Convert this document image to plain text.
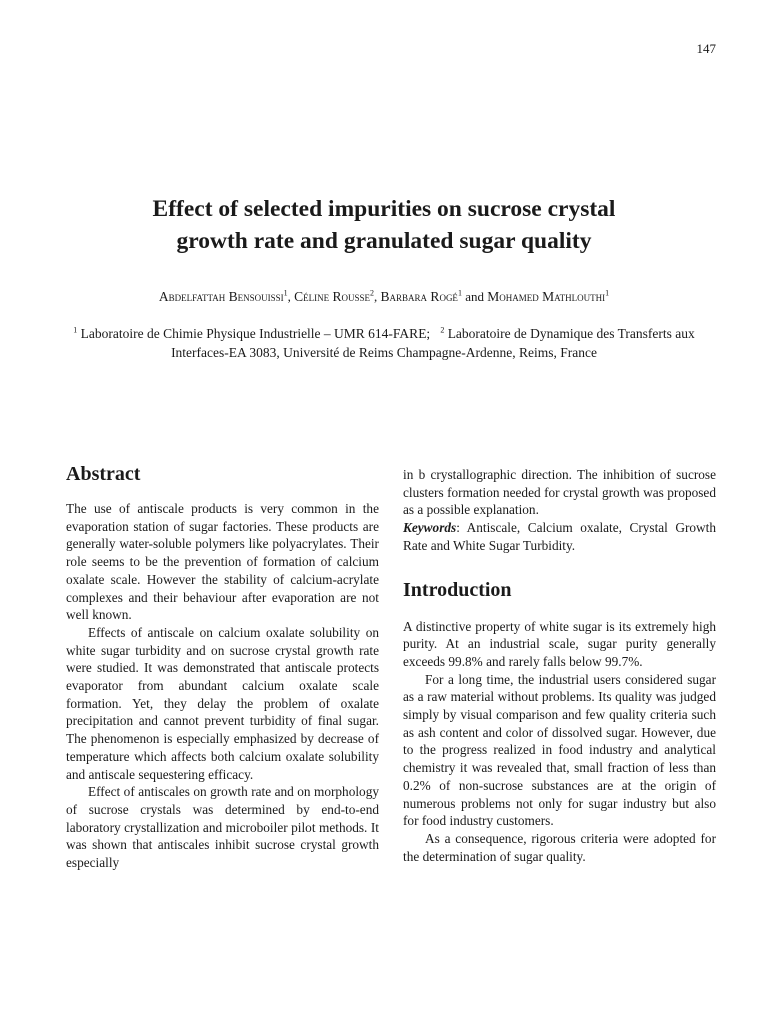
147
Effect of selected impurities on sucrose crystal
growth rate and granulated sugar quality
Abdelfattah Bensouissi$^1$, Céline Rousse$^2$, Barbara Rogé$^1$ and Mohamed Mathlouthi$^1$
$^1$ Laboratoire de Chimie Physique Industrielle – UMR 614-FARE; $^2$ Laboratoire de Dynamique des Transferts aux Interfaces-EA 3083, Université de Reims Champagne-Ardenne, Reims, France
Abstract

The use of antiscale products is very common in the evaporation station of sugar factories. These products are generally water-soluble polymers like polyacrylates. Their role seems to be the prevention of formation of calcium oxalate scale. However the stability of calcium-acrylate complexes and their behaviour after evaporation are not well known.

Effects of antiscale on calcium oxalate solubility on white sugar turbidity and on sucrose crystal growth rate were studied. It was demonstrated that antiscale protects evaporator from abundant calcium oxalate scale formation. Yet, they delay the problem of oxalate precipitation and cannot prevent turbidity of final sugar. The phenomenon is especially emphasized by decrease of temperature which affects both calcium oxalate solubility and antiscale sequestering efficacy.

Effect of antiscales on growth rate and on morphology of sucrose crystals was determined by end-to-end laboratory crystallization and microboiler pilot methods. It was shown that antiscales inhibit sucrose crystal growth especially

in b crystallographic direction. The inhibition of sucrose clusters formation needed for crystal growth was proposed as a possible explanation.

Keywords: Antiscale, Calcium oxalate, Crystal Growth Rate and White Sugar Turbidity.

Introduction

A distinctive property of white sugar is its extremely high purity. At an industrial scale, sugar purity generally exceeds 99.8% and rarely falls below 99.7%.

For a long time, the industrial users considered sugar as a raw material without problems. Its quality was judged simply by visual comparison and few quality criteria such as ash content and color of dissolved sugar. However, due to the progress realized in food industry and analytical chemistry it was revealed that, small fraction of less than 0.2% of non-sucrose substances are at the origin of numerous problems not only for sugar industry but also for food industry customers.

As a consequence, rigorous criteria were adopted for the determination of sugar quality.
